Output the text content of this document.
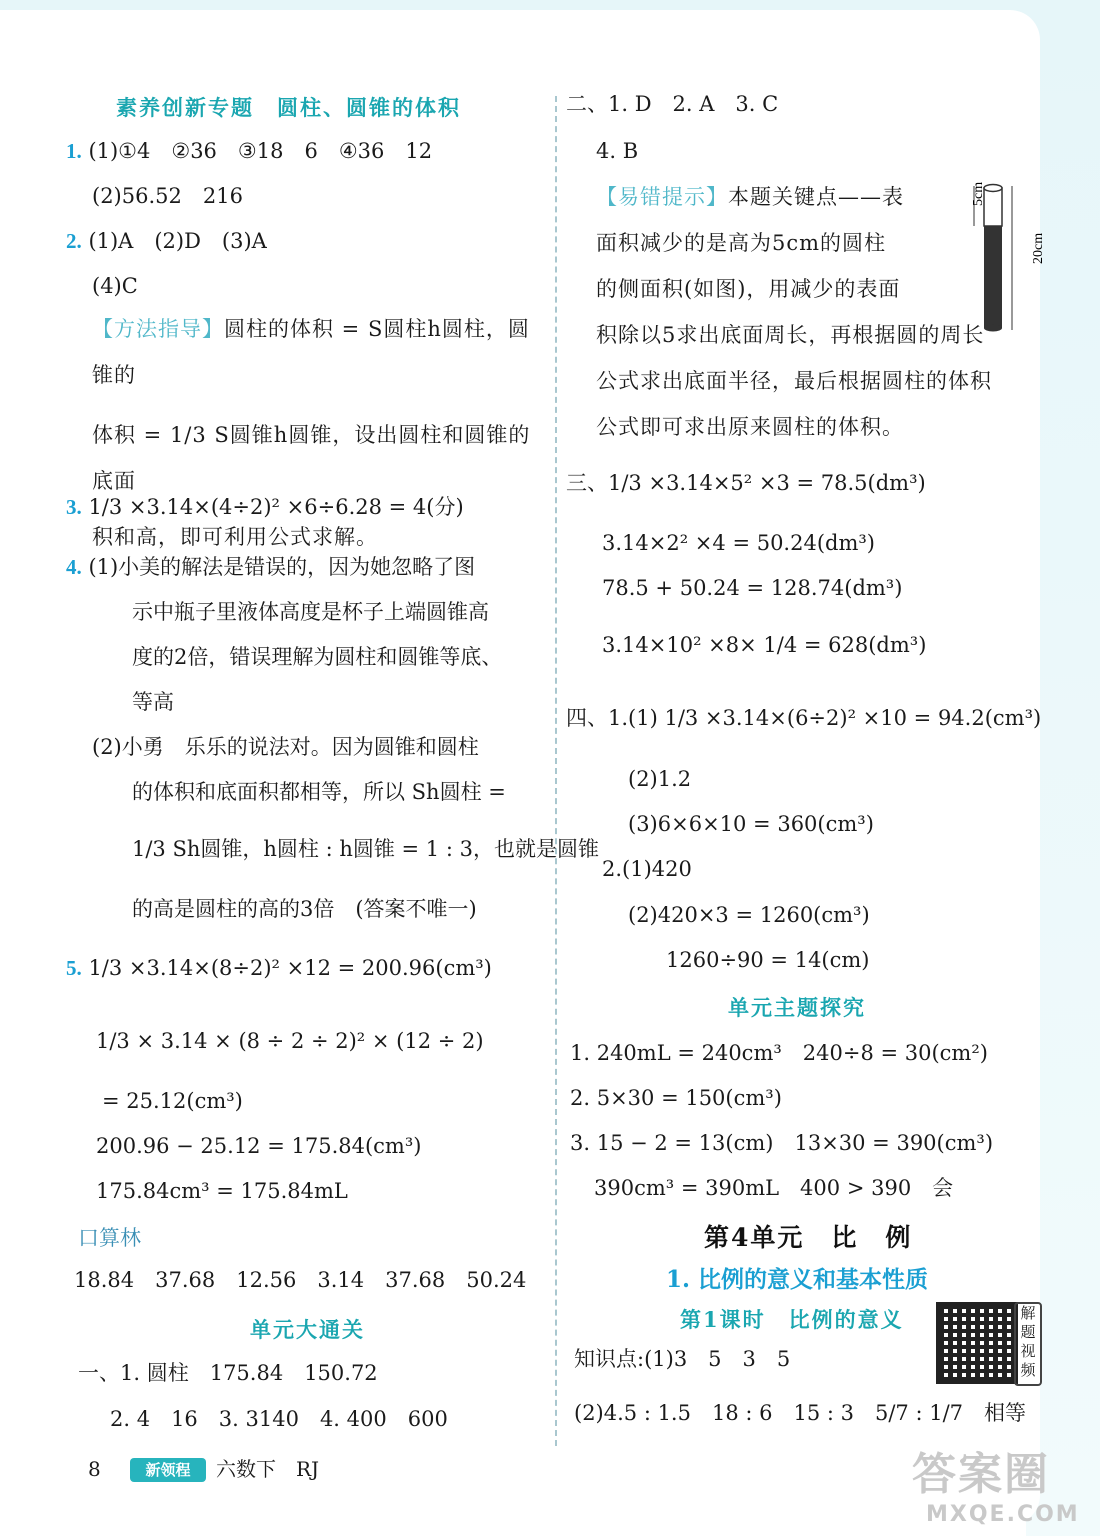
素养创新专题　圆柱、圆锥的体积
1. (1)①4　②36　③18　6　④36　12
(2)56.52　216
2. (1)A　(2)D　(3)A
(4)C
【方法指导】圆柱的体积 = S圆柱h圆柱，圆锥的
体积 = 1/3 S圆锥h圆锥，设出圆柱和圆锥的底面
积和高，即可利用公式求解。
3. 1/3 ×3.14×(4÷2)² ×6÷6.28 = 4(分)
4. (1)小美的解法是错误的，因为她忽略了图
示中瓶子里液体高度是杯子上端圆锥高
度的2倍，错误理解为圆柱和圆锥等底、
等高
(2)小勇　乐乐的说法对。因为圆锥和圆柱
的体积和底面积都相等，所以 Sh圆柱 =
1/3 Sh圆锥，h圆柱 : h圆锥 = 1 : 3，也就是圆锥
的高是圆柱的高的3倍　(答案不唯一)
5. 1/3 ×3.14×(8÷2)² ×12 = 200.96(cm³)
1/3 × 3.14 × (8 ÷ 2 ÷ 2)² × (12 ÷ 2)
= 25.12(cm³)
200.96 − 25.12 = 175.84(cm³)
175.84cm³ = 175.84mL
口算林
18.84　37.68　12.56　3.14　37.68　50.24
单元大通关
一、1. 圆柱　175.84　150.72
2. 4　16　3. 3140　4. 400　600
二、1. D　2. A　3. C
4. B
【易错提示】本题关键点——表
面积减少的是高为5cm的圆柱
的侧面积(如图)，用减少的表面
积除以5求出底面周长，再根据圆的周长
公式求出底面半径，最后根据圆柱的体积
公式即可求出原来圆柱的体积。
5cm
20cm
三、1/3 ×3.14×5² ×3 = 78.5(dm³)
3.14×2² ×4 = 50.24(dm³)
78.5 + 50.24 = 128.74(dm³)
3.14×10² ×8× 1/4 = 628(dm³)
四、1.(1) 1/3 ×3.14×(6÷2)² ×10 = 94.2(cm³)
(2)1.2
(3)6×6×10 = 360(cm³)
2.(1)420
(2)420×3 = 1260(cm³)
1260÷90 = 14(cm)
单元主题探究
1. 240mL = 240cm³　240÷8 = 30(cm²)
2. 5×30 = 150(cm³)
3. 15 − 2 = 13(cm)　13×30 = 390(cm³)
390cm³ = 390mL　400 > 390　会
第4单元　比　例
1. 比例的意义和基本性质
第1课时　比例的意义
知识点:(1)3　5　3　5
(2)4.5 : 1.5　18 : 6　15 : 3　5/7 : 1/7　相等
解题视频
8	新领程	六数下　RJ	答案圈
MXQE.COM
